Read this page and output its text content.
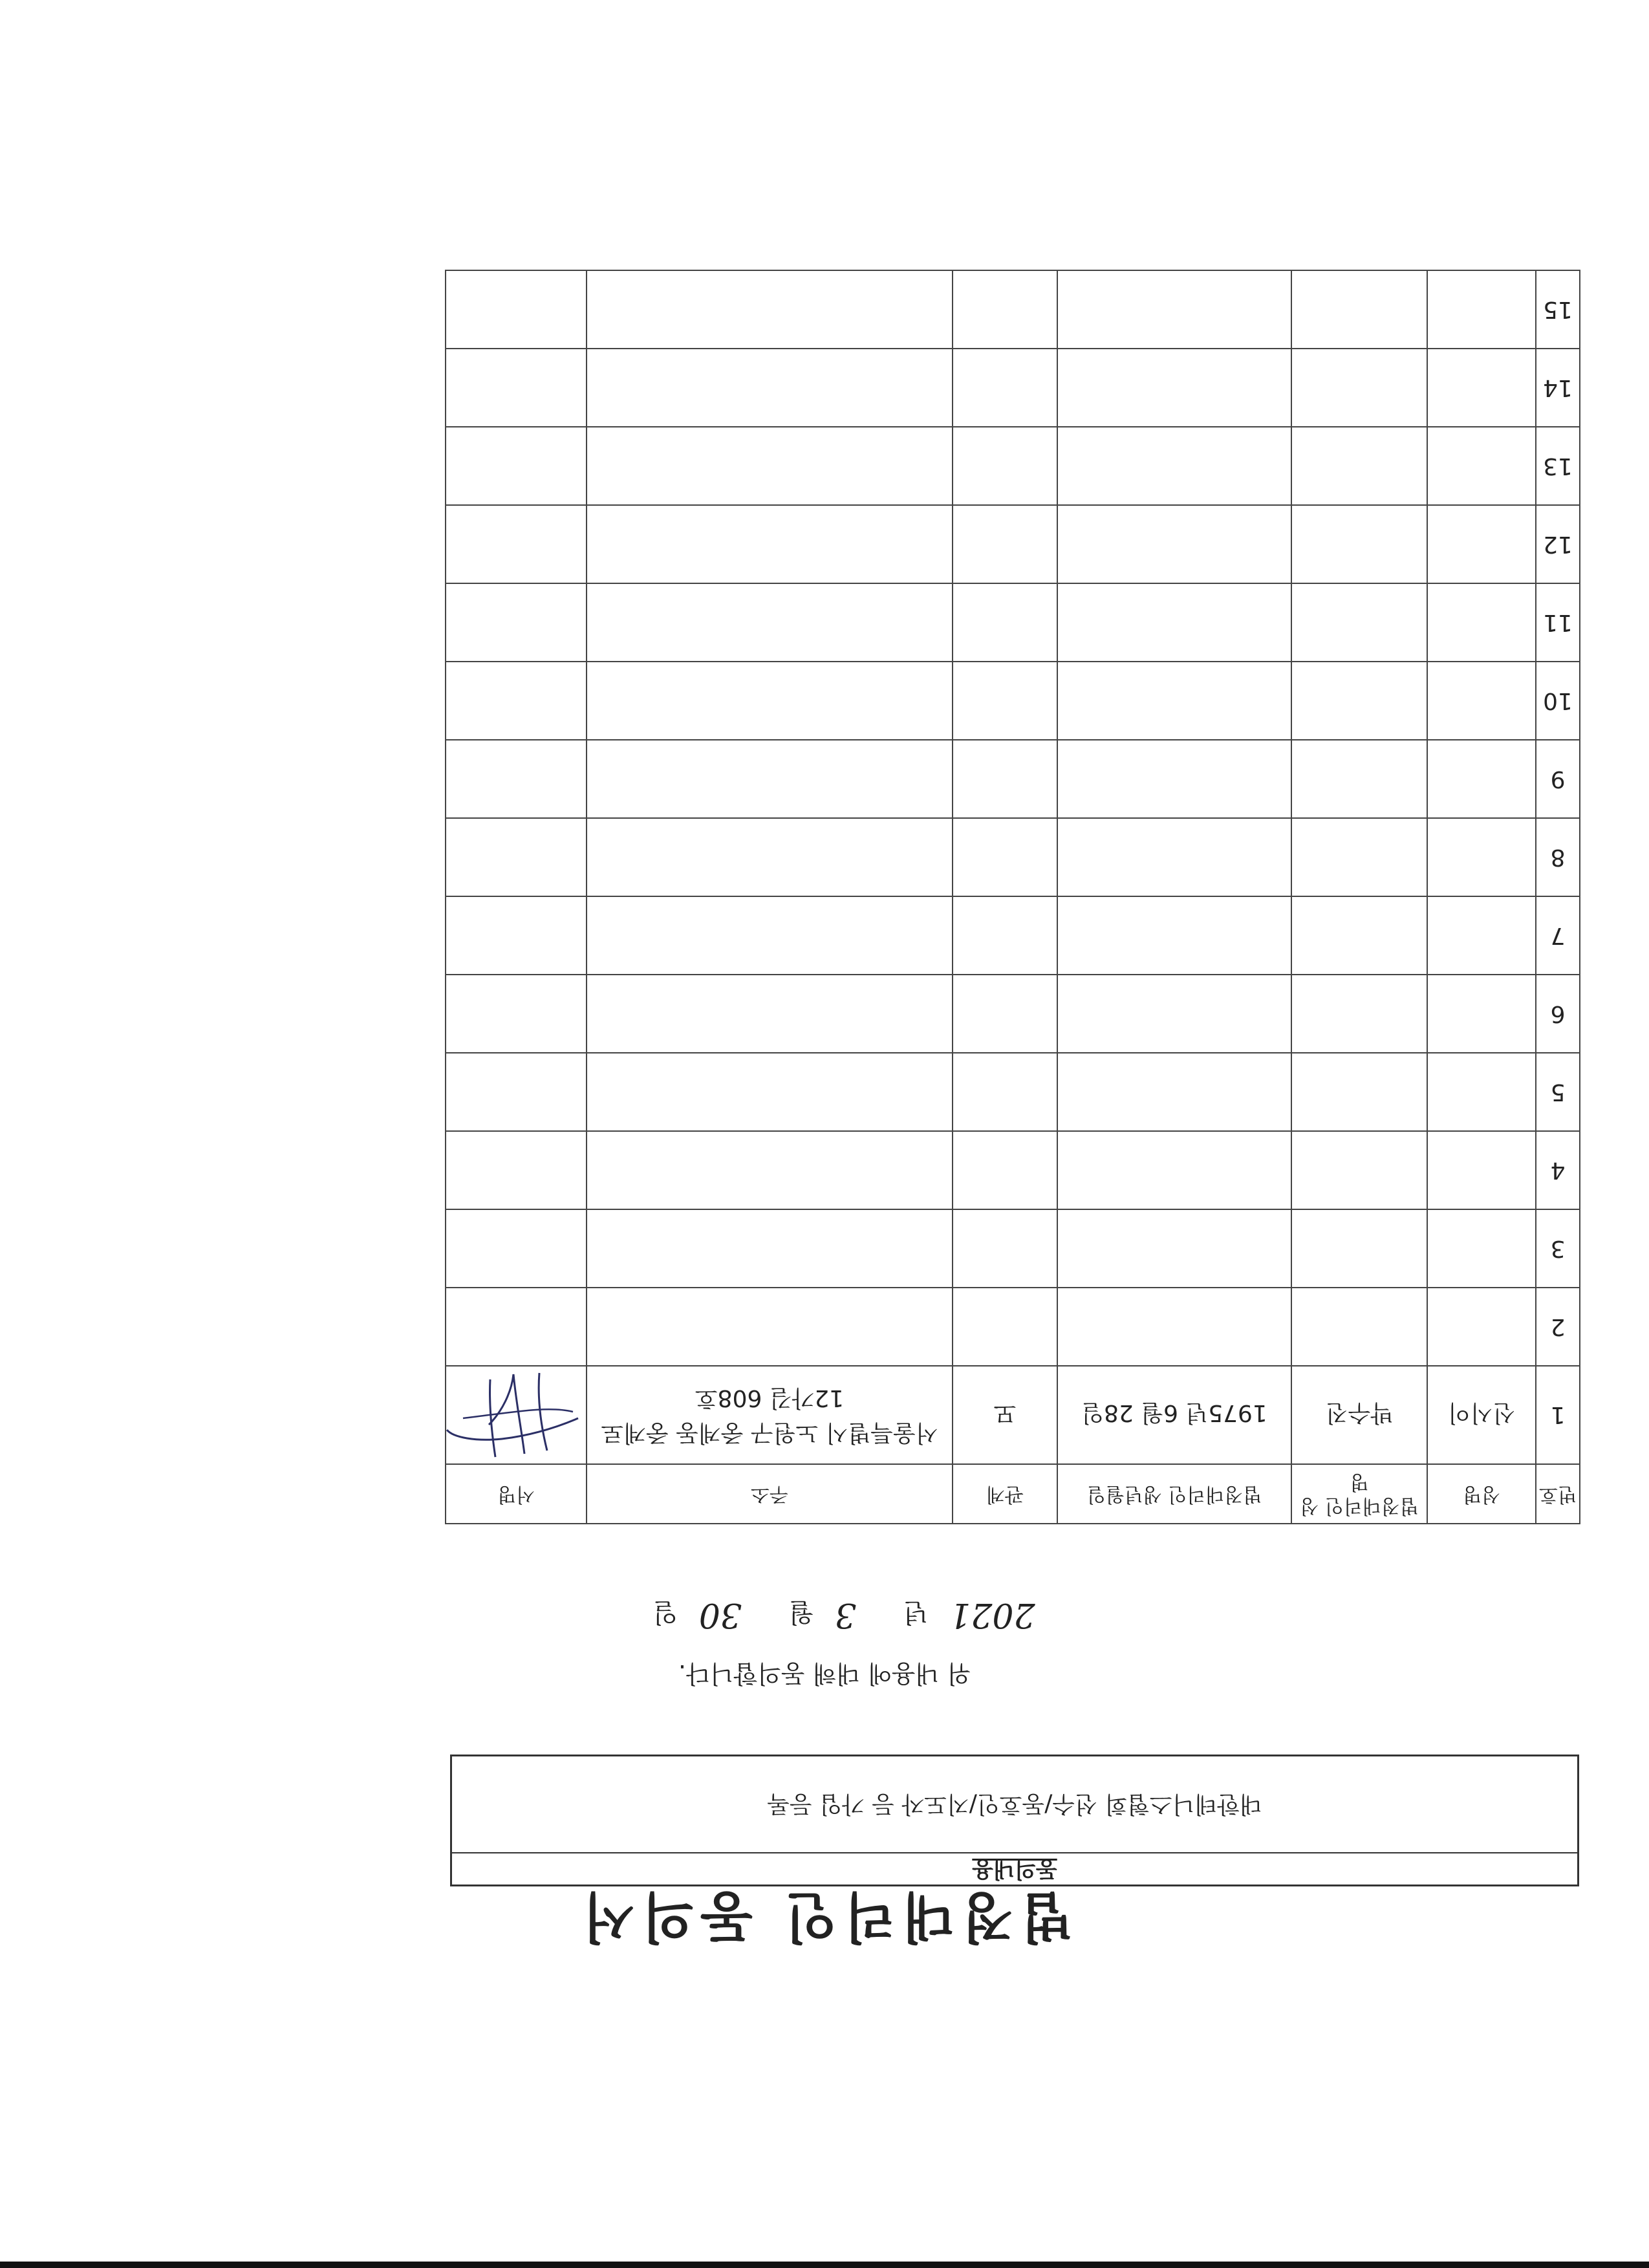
법정대리인 동의서
동의내용
대한테니스협회 선수/동호인/지도자 등 가입 등록
위 내용에 대해 동의합니다.
2021 년 3 월 30 일
번호	성명	법정대리인 성명	법정대리인 생년월일	관계	주소	서명
1	신시이	박수진	1975년 6월 28일	모	서울특별시 노원구 중계동 중계로12가길 608호	

2						
3						
4						
5						
6						
7						
8						
9						
10						
11						
12						
13						
14						
15						
